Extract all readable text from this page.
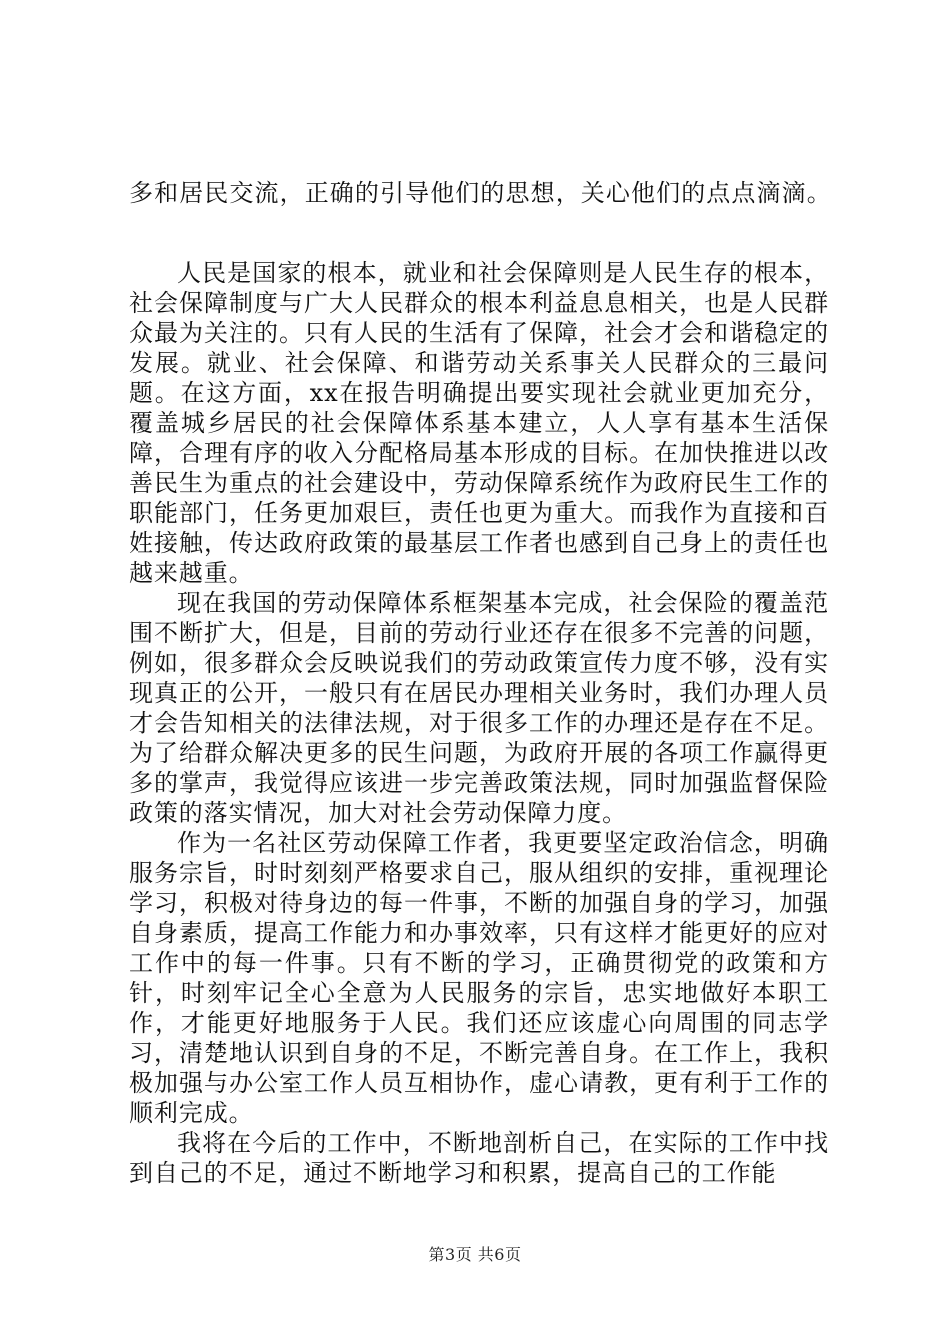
多和居民交流，正确的引导他们的思想，关心他们的点点滴滴。

人民是国家的根本，就业和社会保障则是人民生存的根本，社会保障制度与广大人民群众的根本利益息息相关，也是人民群众最为关注的。只有人民的生活有了保障，社会才会和谐稳定的发展。就业、社会保障、和谐劳动关系事关人民群众的三最问题。在这方面，xx在报告明确提出要实现社会就业更加充分，覆盖城乡居民的社会保障体系基本建立，人人享有基本生活保障，合理有序的收入分配格局基本形成的目标。在加快推进以改善民生为重点的社会建设中，劳动保障系统作为政府民生工作的职能部门，任务更加艰巨，责任也更为重大。而我作为直接和百姓接触，传达政府政策的最基层工作者也感到自己身上的责任也越来越重。

现在我国的劳动保障体系框架基本完成，社会保险的覆盖范围不断扩大，但是，目前的劳动行业还存在很多不完善的问题，例如，很多群众会反映说我们的劳动政策宣传力度不够，没有实现真正的公开，一般只有在居民办理相关业务时，我们办理人员才会告知相关的法律法规，对于很多工作的办理还是存在不足。为了给群众解决更多的民生问题，为政府开展的各项工作赢得更多的掌声，我觉得应该进一步完善政策法规，同时加强监督保险政策的落实情况，加大对社会劳动保障力度。

作为一名社区劳动保障工作者，我更要坚定政治信念，明确服务宗旨，时时刻刻严格要求自己，服从组织的安排，重视理论学习，积极对待身边的每一件事，不断的加强自身的学习，加强自身素质，提高工作能力和办事效率，只有这样才能更好的应对工作中的每一件事。只有不断的学习，正确贯彻党的政策和方针，时刻牢记全心全意为人民服务的宗旨，忠实地做好本职工作，才能更好地服务于人民。我们还应该虚心向周围的同志学习，清楚地认识到自身的不足，不断完善自身。在工作上，我积极加强与办公室工作人员互相协作，虚心请教，更有利于工作的顺利完成。

我将在今后的工作中，不断地剖析自己，在实际的工作中找到自己的不足，通过不断地学习和积累，提高自己的工作能

第3页 共6页
